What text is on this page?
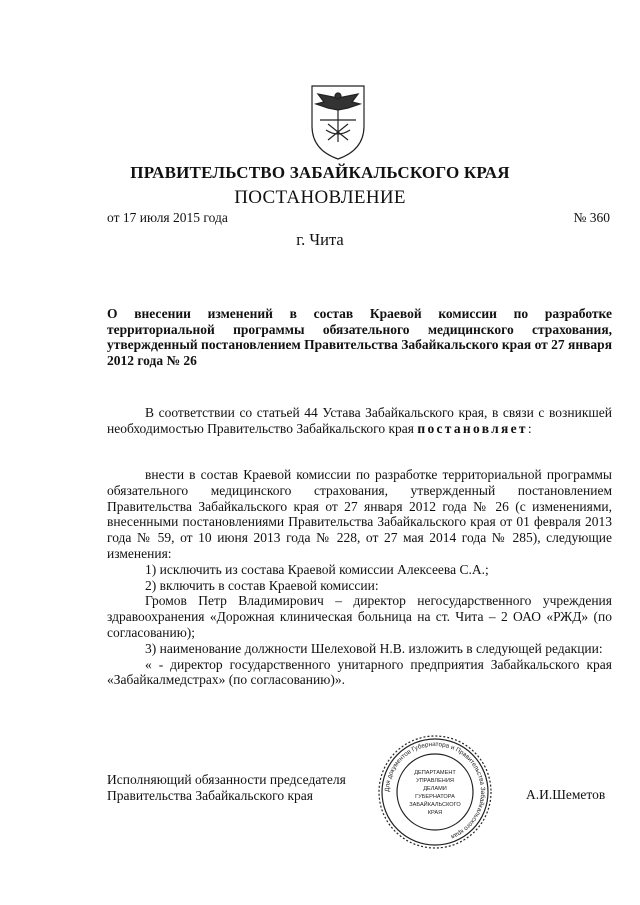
ПРАВИТЕЛЬСТВО ЗАБАЙКАЛЬСКОГО КРАЯ
ПОСТАНОВЛЕНИЕ
от 17 июля 2015 года	№ 360
г. Чита
О внесении изменений в состав Краевой комиссии по разработке территориальной программы обязательного медицинского страхования, утвержденный постановлением Правительства Забайкальского края от 27 января 2012 года № 26

В соответствии со статьей 44 Устава Забайкальского края, в связи с возникшей необходимостью Правительство Забайкальского края постановляет:

внести в состав Краевой комиссии по разработке территориальной программы обязательного медицинского страхования, утвержденный постановлением Правительства Забайкальского края от 27 января 2012 года № 26 (с изменениями, внесенными постановлениями Правительства Забайкальского края от 01 февраля 2013 года № 59, от 10 июня 2013 года № 228, от 27 мая 2014 года № 285), следующие изменения:

1) исключить из состава Краевой комиссии Алексеева С.А.;

2) включить в состав Краевой комиссии:

Громов Петр Владимирович – директор негосударственного учреждения здравоохранения «Дорожная клиническая больница на ст. Чита – 2 ОАО «РЖД» (по согласованию);

3) наименование должности Шелеховой Н.В. изложить в следующей редакции:

« - директор государственного унитарного предприятия Забайкальского края «Забайкалмедстрах» (по согласованию)».

Исполняющий обязанности председателя
Правительства Забайкальского края	А.И.Шеметов
Для документов Губернатора и Правительства Забайкальского края
ДЕПАРТАМЕНТ
УПРАВЛЕНИЯ
ДЕЛАМИ
ГУБЕРНАТОРА
ЗАБАЙКАЛЬСКОГО
КРАЯ
